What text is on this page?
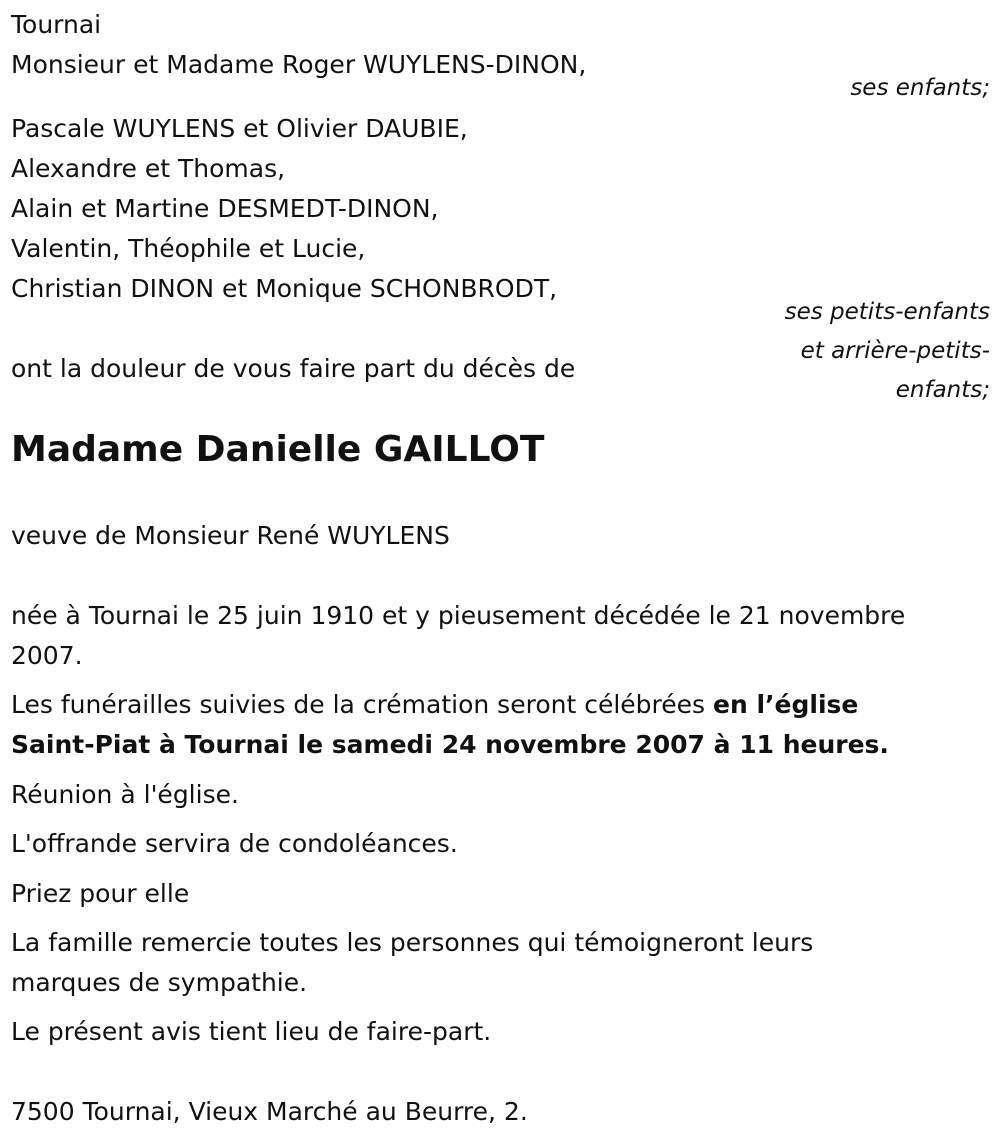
Tournai

Monsieur et Madame Roger WUYLENS-DINON,

ses enfants;

Pascale WUYLENS et Olivier DAUBIE,

Alexandre et Thomas,

Alain et Martine DESMEDT-DINON,

Valentin, Théophile et Lucie,

Christian DINON et Monique SCHONBRODT,

ses petits-enfants

et arrière-petits-

enfants;

ont la douleur de vous faire part du décès de

Madame Danielle GAILLOT

veuve de Monsieur René WUYLENS

née à Tournai le 25 juin 1910 et y pieusement décédée le 21 novembre

2007.

Les funérailles suivies de la crémation seront célébrées en l’église

Saint-Piat à Tournai le samedi 24 novembre 2007 à 11 heures.

Réunion à l'église.

L'offrande servira de condoléances.

Priez pour elle

La famille remercie toutes les personnes qui témoigneront leurs

marques de sympathie.

Le présent avis tient lieu de faire-part.

7500 Tournai, Vieux Marché au Beurre, 2.
